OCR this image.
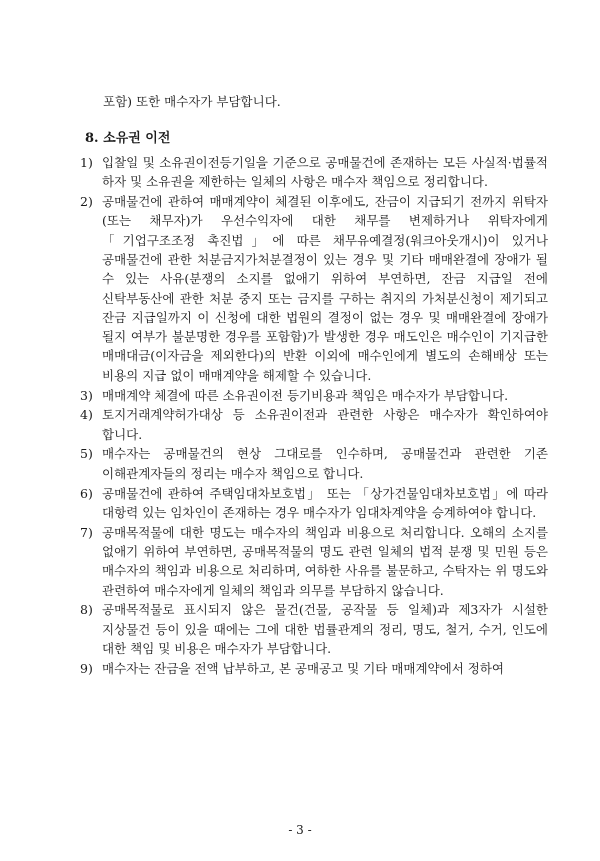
포함) 또한 매수자가 부담합니다.
8. 소유권 이전
1) 입찰일 및 소유권이전등기일을 기준으로 공매물건에 존재하는 모든 사실적·법률적 하자 및 소유권을 제한하는 일체의 사항은 매수자 책임으로 정리합니다.
2) 공매물건에 관하여 매매계약이 체결된 이후에도, 잔금이 지급되기 전까지 위탁자(또는 채무자)가 우선수익자에 대한 채무를 변제하거나 위탁자에게 「기업구조조정 촉진법」에 따른 채무유예결정(워크아웃개시)이 있거나 공매물건에 관한 처분금지가처분결정이 있는 경우 및 기타 매매완결에 장애가 될 수 있는 사유(분쟁의 소지를 없애기 위하여 부연하면, 잔금 지급일 전에 신탁부동산에 관한 처분 중지 또는 금지를 구하는 취지의 가처분신청이 제기되고 잔금 지급일까지 이 신청에 대한 법원의 결정이 없는 경우 및 매매완결에 장애가 될지 여부가 불분명한 경우를 포함함)가 발생한 경우 매도인은 매수인이 기지급한 매매대금(이자금을 제외한다)의 반환 이외에 매수인에게 별도의 손해배상 또는 비용의 지급 없이 매매계약을 해제할 수 있습니다.
3) 매매계약 체결에 따른 소유권이전 등기비용과 책임은 매수자가 부담합니다.
4) 토지거래계약허가대상 등 소유권이전과 관련한 사항은 매수자가 확인하여야 합니다.
5) 매수자는 공매물건의 현상 그대로를 인수하며, 공매물건과 관련한 기존 이해관계자들의 정리는 매수자 책임으로 합니다.
6) 공매물건에 관하여 주택임대차보호법」 또는 「상가건물임대차보호법」에 따라 대항력 있는 임차인이 존재하는 경우 매수자가 임대차계약을 승계하여야 합니다.
7) 공매목적물에 대한 명도는 매수자의 책임과 비용으로 처리합니다. 오해의 소지를 없애기 위하여 부연하면, 공매목적물의 명도 관련 일체의 법적 분쟁 및 민원 등은 매수자의 책임과 비용으로 처리하며, 여하한 사유를 불문하고, 수탁자는 위 명도와 관련하여 매수자에게 일체의 책임과 의무를 부담하지 않습니다.
8) 공매목적물로 표시되지 않은 물건(건물, 공작물 등 일체)과 제3자가 시설한 지상물건 등이 있을 때에는 그에 대한 법률관계의 정리, 명도, 철거, 수거, 인도에 대한 책임 및 비용은 매수자가 부담합니다.
9) 매수자는 잔금을 전액 납부하고, 본 공매공고 및 기타 매매계약에서 정하여
- 3 -
